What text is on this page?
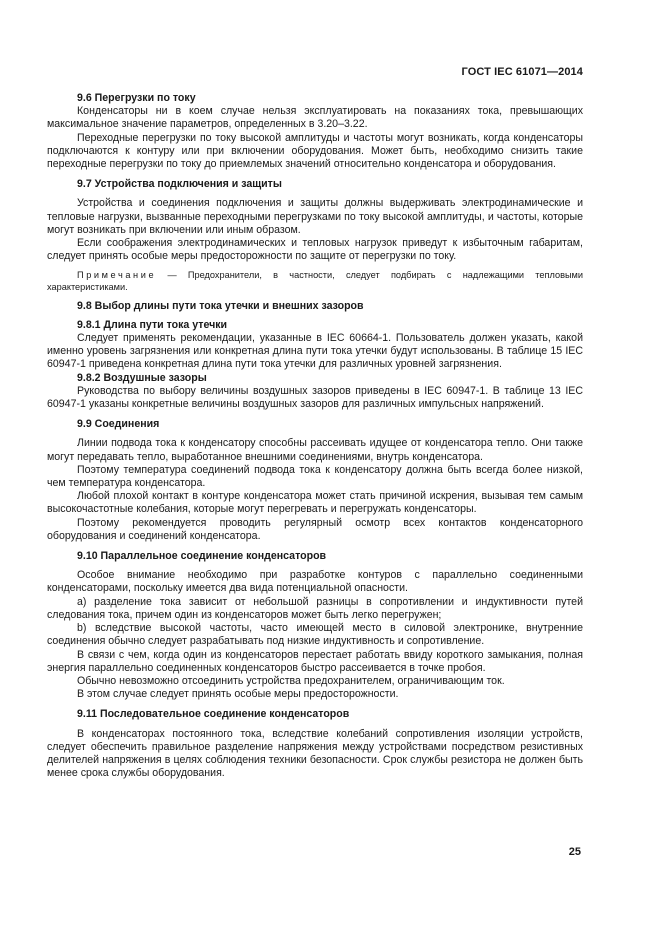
ГОСТ IEC 61071—2014
9.6 Перегрузки по току

Конденсаторы ни в коем случае нельзя эксплуатировать на показаниях тока, превышающих максимальное значение параметров, определенных в 3.20–3.22.

Переходные перегрузки по току высокой амплитуды и частоты могут возникать, когда конденсаторы подключаются к контуру или при включении оборудования. Может быть, необходимо снизить такие переходные перегрузки по току до приемлемых значений относительно конденсатора и оборудования.

9.7 Устройства подключения и защиты

Устройства и соединения подключения и защиты должны выдерживать электродинамические и тепловые нагрузки, вызванные переходными перегрузками по току высокой амплитуды, и частоты, которые могут возникать при включении или иным образом.

Если соображения электродинамических и тепловых нагрузок приведут к избыточным габаритам, следует принять особые меры предосторожности по защите от перегрузки по току.

Примечание — Предохранители, в частности, следует подбирать с надлежащими тепловыми характеристиками.
9.8 Выбор длины пути тока утечки и внешних зазоров
9.8.1 Длина пути тока утечки

Следует применять рекомендации, указанные в IEC 60664-1. Пользователь должен указать, какой именно уровень загрязнения или конкретная длина пути тока утечки будут использованы. В таблице 15 IEC 60947-1 приведена конкретная длина пути тока утечки для различных уровней загрязнения.

9.8.2 Воздушные зазоры

Руководства по выбору величины воздушных зазоров приведены в IEC 60947-1. В таблице 13 IEC 60947-1 указаны конкретные величины воздушных зазоров для различных импульсных напряжений.

9.9 Соединения

Линии подвода тока к конденсатору способны рассеивать идущее от конденсатора тепло. Они также могут передавать тепло, выработанное внешними соединениями, внутрь конденсатора.

Поэтому температура соединений подвода тока к конденсатору должна быть всегда более низкой, чем температура конденсатора.

Любой плохой контакт в контуре конденсатора может стать причиной искрения, вызывая тем самым высокочастотные колебания, которые могут перегревать и перегружать конденсаторы.

Поэтому рекомендуется проводить регулярный осмотр всех контактов конденсаторного оборудования и соединений конденсатора.

9.10 Параллельное соединение конденсаторов

Особое внимание необходимо при разработке контуров с параллельно соединенными конденсаторами, поскольку имеется два вида потенциальной опасности.

а) разделение тока зависит от небольшой разницы в сопротивлении и индуктивности путей следования тока, причем один из конденсаторов может быть легко перегружен;

b) вследствие высокой частоты, часто имеющей место в силовой электронике, внутренние соединения обычно следует разрабатывать под низкие индуктивность и сопротивление.

В связи с чем, когда один из конденсаторов перестает работать ввиду короткого замыкания, полная энергия параллельно соединенных конденсаторов быстро рассеивается в точке пробоя.

Обычно невозможно отсоединить устройства предохранителем, ограничивающим ток.

В этом случае следует принять особые меры предосторожности.

9.11 Последовательное соединение конденсаторов

В конденсаторах постоянного тока, вследствие колебаний сопротивления изоляции устройств, следует обеспечить правильное разделение напряжения между устройствами посредством резистивных делителей напряжения в целях соблюдения техники безопасности. Срок службы резистора не должен быть менее срока службы оборудования.

25
